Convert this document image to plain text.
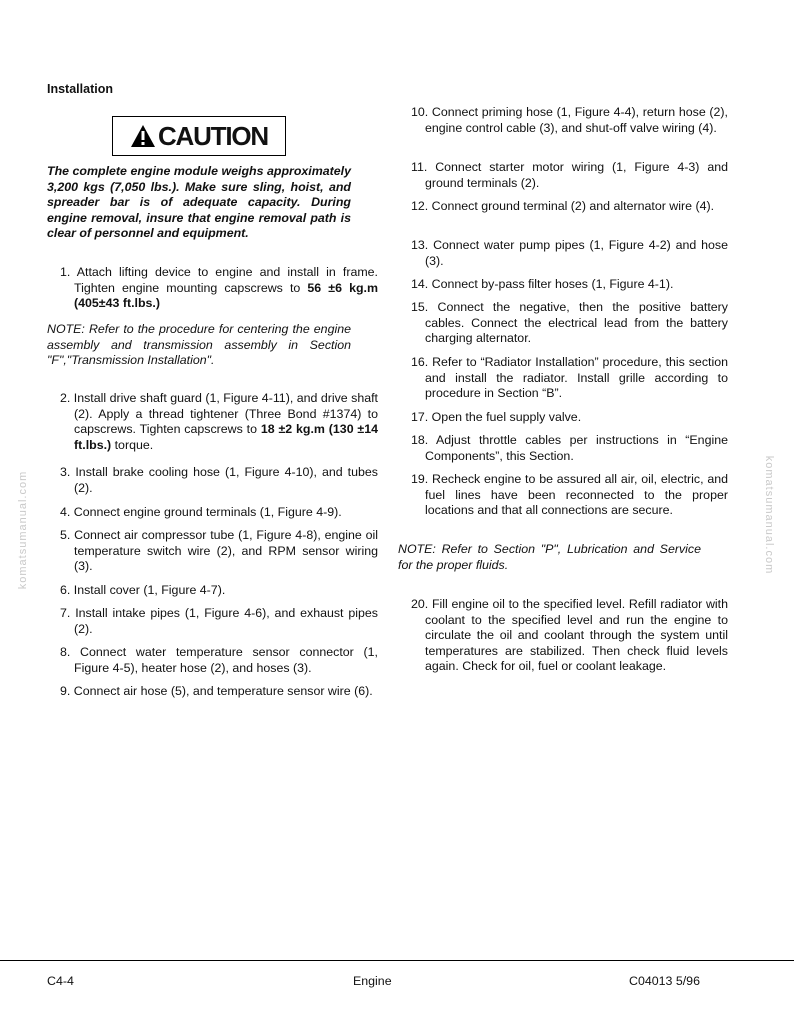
Installation
CAUTION
The complete engine module weighs approximately 3,200 kgs (7,050 lbs.). Make sure sling, hoist, and spreader bar is of adequate capacity. During engine removal, insure that engine removal path is clear of personnel and equipment.
1. Attach lifting device to engine and install in frame. Tighten engine mounting capscrews to 56 ±6 kg.m (405±43 ft.lbs.)
NOTE: Refer to the procedure for centering the engine assembly and transmission assembly in Section "F","Transmission Installation".
2. Install drive shaft guard (1, Figure 4-11), and drive shaft (2). Apply a thread tightener (Three Bond #1374) to capscrews. Tighten capscrews to 18 ±2 kg.m (130 ±14 ft.lbs.) torque.
3. Install brake cooling hose (1, Figure 4-10), and tubes (2).
4. Connect engine ground terminals (1, Figure 4-9).
5. Connect air compressor tube (1, Figure 4-8), engine oil temperature switch wire (2), and RPM sensor wiring (3).
6. Install cover (1, Figure 4-7).
7. Install intake pipes (1, Figure 4-6), and exhaust pipes (2).
8. Connect water temperature sensor connector (1, Figure 4-5), heater hose (2), and hoses (3).
9. Connect air hose (5), and temperature sensor wire (6).
10. Connect priming hose (1, Figure 4-4), return hose (2), engine control cable (3), and shut-off valve wiring (4).
11. Connect starter motor wiring (1, Figure 4-3) and ground terminals (2).
12. Connect ground terminal (2) and alternator wire (4).
13. Connect water pump pipes (1, Figure 4-2) and hose (3).
14. Connect by-pass filter hoses (1, Figure 4-1).
15. Connect the negative, then the positive battery cables. Connect the electrical lead from the battery charging alternator.
16. Refer to “Radiator Installation” procedure, this section and install the radiator. Install grille according to procedure in Section “B”.
17. Open the fuel supply valve.
18. Adjust throttle cables per instructions in “Engine Components”, this Section.
19. Recheck engine to be assured all air, oil, electric, and fuel lines have been reconnected to the proper locations and that all connections are secure.
NOTE: Refer to Section "P", Lubrication and Service for the proper fluids.
20. Fill engine oil to the specified level. Refill radiator with coolant to the specified level and run the engine to circulate the oil and coolant through the system until temperatures are stabilized. Then check fluid levels again. Check for oil, fuel or coolant leakage.
komatsumanual.com	komatsumanual.com
C4-4	Engine	C04013 5/96
